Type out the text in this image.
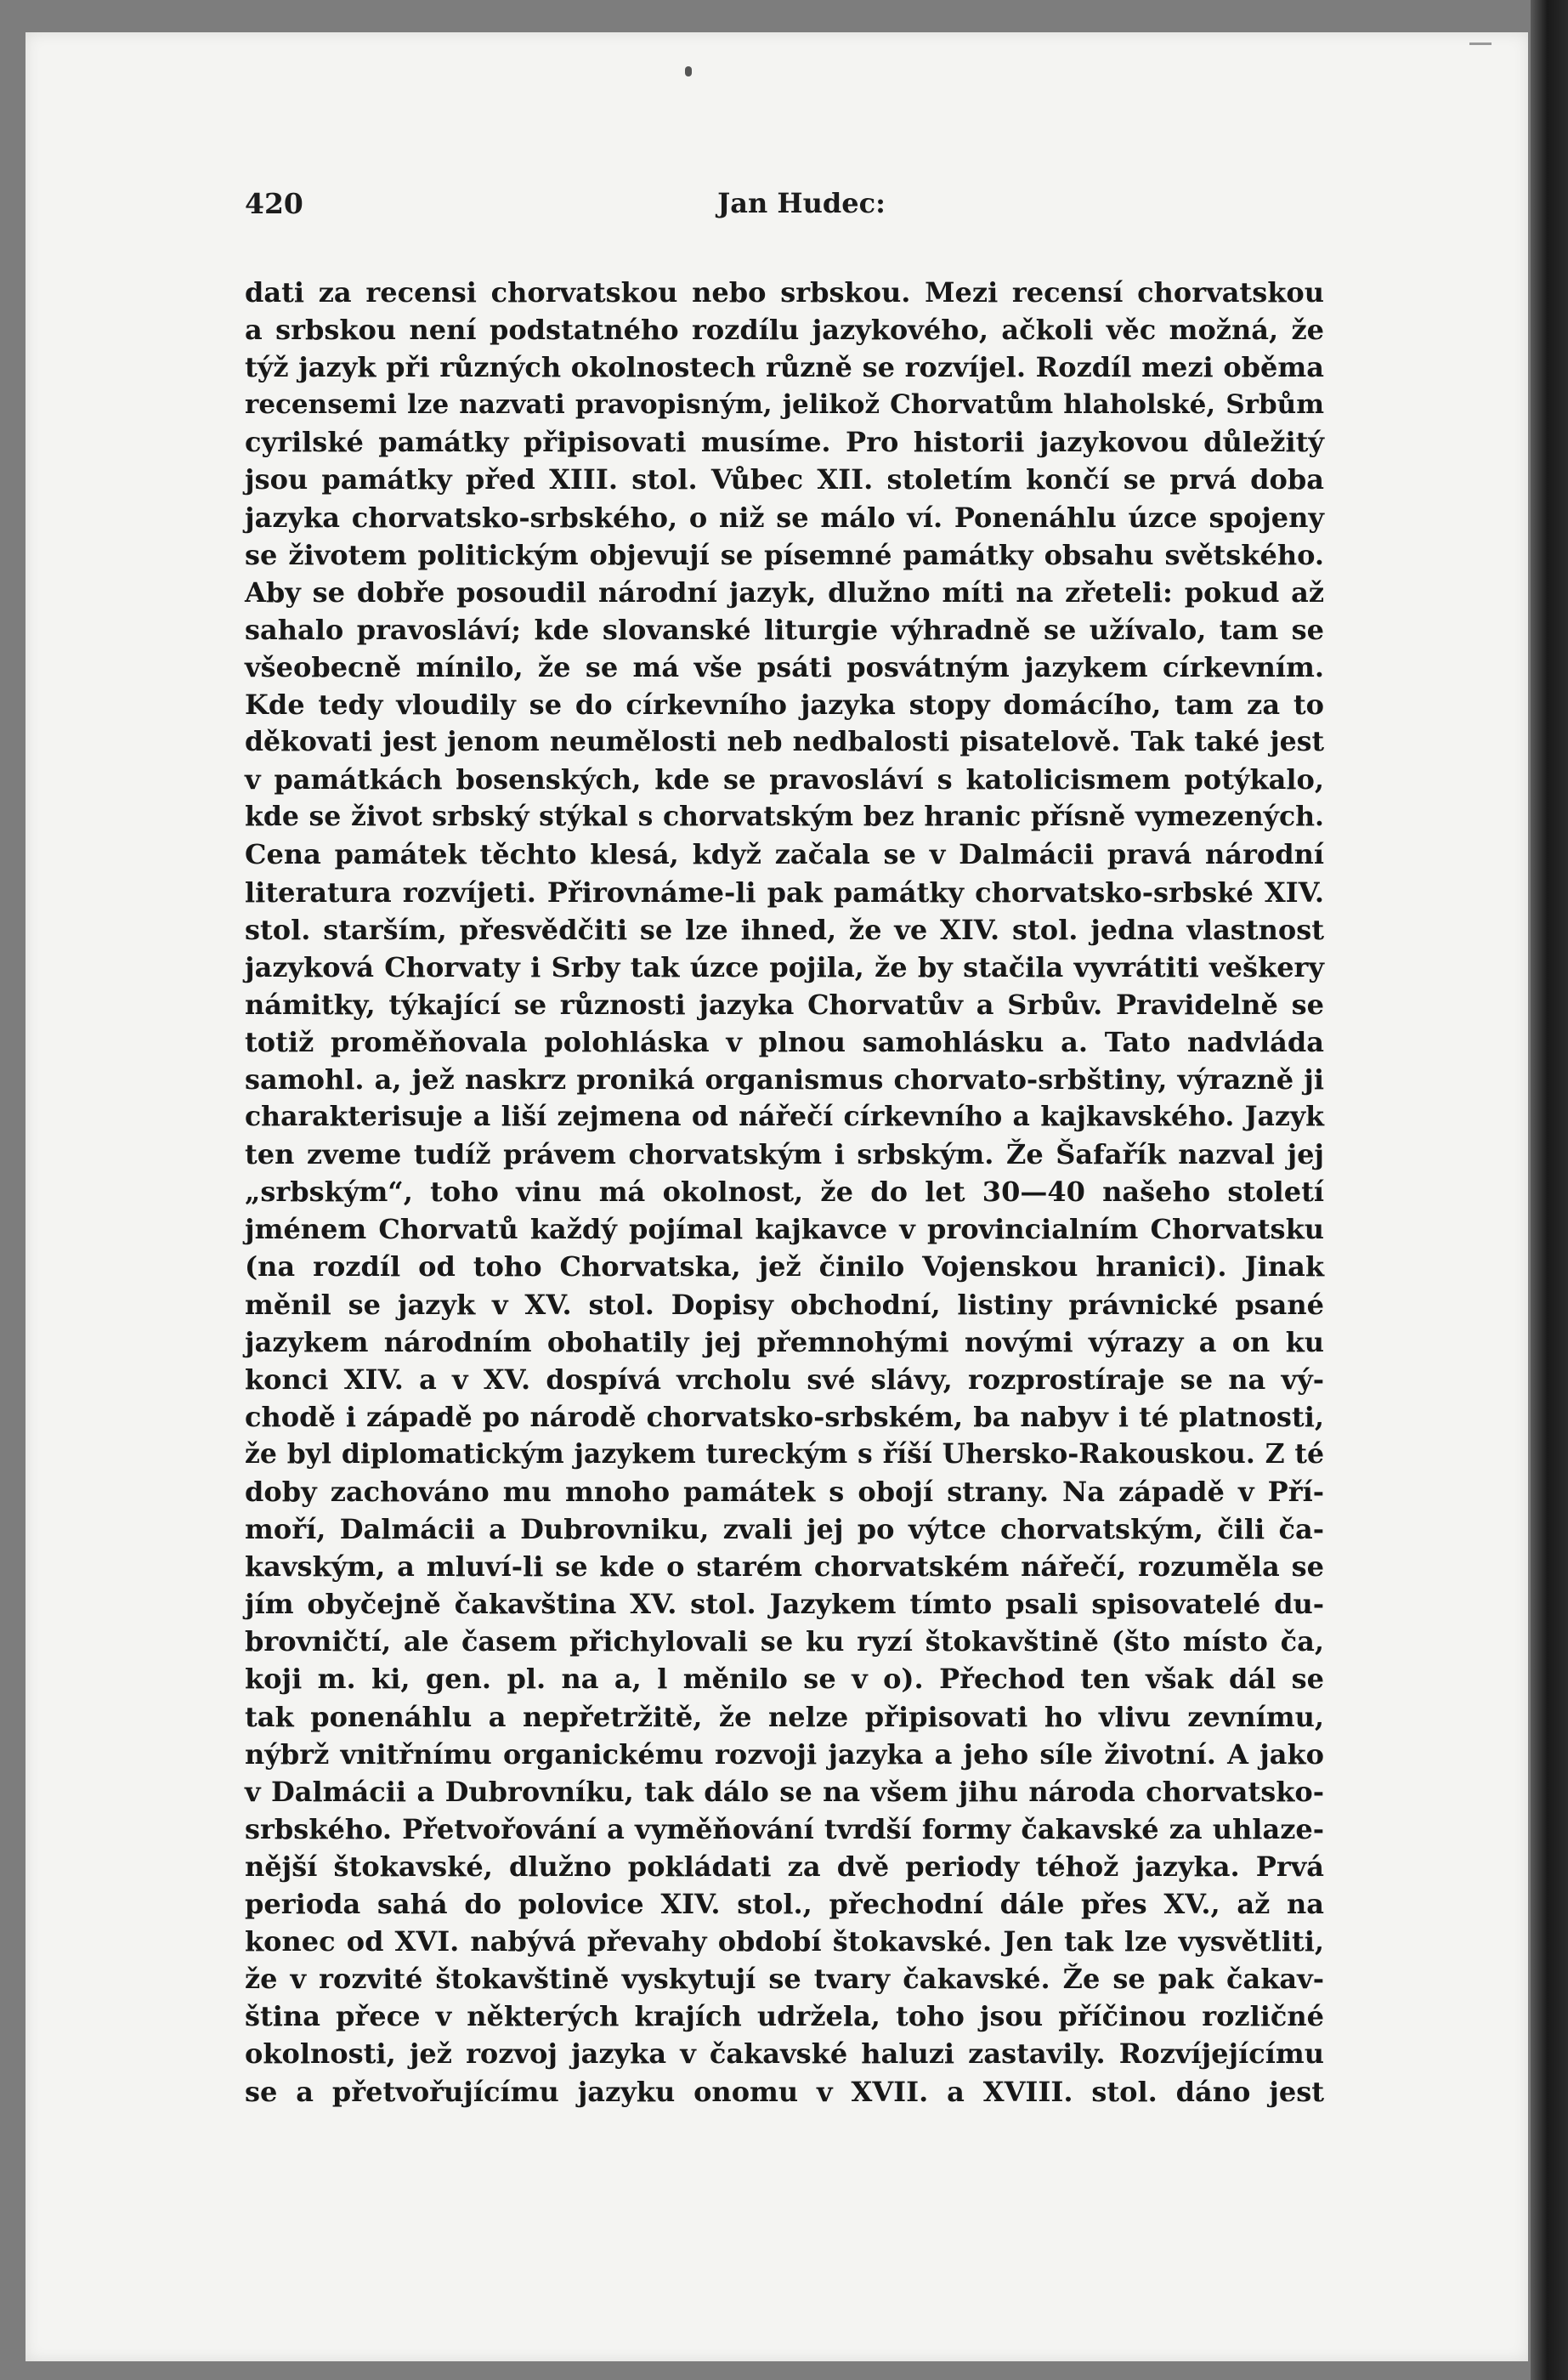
420	Jan Hudec:
dati za recensi chorvatskou nebo srbskou. Mezi recensí chorvatskou
a srbskou není podstatného rozdílu jazykového, ačkoli věc možná, že
týž jazyk při různých okolnostech různě se rozvíjel. Rozdíl mezi oběma
recensemi lze nazvati pravopisným, jelikož Chorvatům hlaholské, Srbům
cyrilské památky připisovati musíme. Pro historii jazykovou důležitý
jsou památky před XIII. stol. Vůbec XII. stoletím končí se prvá doba
jazyka chorvatsko-srbského, o niž se málo ví. Ponenáhlu úzce spojeny
se životem politickým objevují se písemné památky obsahu světského.
Aby se dobře posoudil národní jazyk, dlužno míti na zřeteli: pokud až
sahalo pravosláví; kde slovanské liturgie výhradně se užívalo, tam se
všeobecně mínilo, že se má vše psáti posvátným jazykem církevním.
Kde tedy vloudily se do církevního jazyka stopy domácího, tam za to
děkovati jest jenom neumělosti neb nedbalosti pisatelově. Tak také jest
v památkách bosenských, kde se pravosláví s katolicismem potýkalo,
kde se život srbský stýkal s chorvatským bez hranic přísně vymezených.
Cena památek těchto klesá, když začala se v Dalmácii pravá národní
literatura rozvíjeti. Přirovnáme-li pak památky chorvatsko-srbské XIV.
stol. starším, přesvědčiti se lze ihned, že ve XIV. stol. jedna vlastnost
jazyková Chorvaty i Srby tak úzce pojila, že by stačila vyvrátiti veškery
námitky, týkající se různosti jazyka Chorvatův a Srbův. Pravidelně se
totiž proměňovala polohláska v plnou samohlásku a. Tato nadvláda
samohl. a, jež naskrz proniká organismus chorvato-srbštiny, výrazně ji
charakterisuje a liší zejmena od nářečí církevního a kajkavského. Jazyk
ten zveme tudíž právem chorvatským i srbským. Že Šafařík nazval jej
„srbským“, toho vinu má okolnost, že do let 30—40 našeho století
jménem Chorvatů každý pojímal kajkavce v provincialním Chorvatsku
(na rozdíl od toho Chorvatska, jež činilo Vojenskou hranici). Jinak
měnil se jazyk v XV. stol. Dopisy obchodní, listiny právnické psané
jazykem národním obohatily jej přemnohými novými výrazy a on ku
konci XIV. a v XV. dospívá vrcholu své slávy, rozprostíraje se na vý-
chodě i západě po národě chorvatsko-srbském, ba nabyv i té platnosti,
že byl diplomatickým jazykem tureckým s říší Uhersko-Rakouskou. Z té
doby zachováno mu mnoho památek s obojí strany. Na západě v Pří-
moří, Dalmácii a Dubrovniku, zvali jej po výtce chorvatským, čili ča-
kavským, a mluví-li se kde o starém chorvatském nářečí, rozuměla se
jím obyčejně čakavština XV. stol. Jazykem tímto psali spisovatelé du-
brovničtí, ale časem přichylovali se ku ryzí štokavštině (što místo ča,
koji m. ki, gen. pl. na a, l měnilo se v o). Přechod ten však dál se
tak ponenáhlu a nepřetržitě, že nelze připisovati ho vlivu zevnímu,
nýbrž vnitřnímu organickému rozvoji jazyka a jeho síle životní. A jako
v Dalmácii a Dubrovníku, tak dálo se na všem jihu národa chorvatsko-
srbského. Přetvořování a vyměňování tvrdší formy čakavské za uhlaze-
nější štokavské, dlužno pokládati za dvě periody téhož jazyka. Prvá
perioda sahá do polovice XIV. stol., přechodní dále přes XV., až na
konec od XVI. nabývá převahy období štokavské. Jen tak lze vysvětliti,
že v rozvité štokavštině vyskytují se tvary čakavské. Že se pak čakav-
ština přece v některých krajích udržela, toho jsou příčinou rozličné
okolnosti, jež rozvoj jazyka v čakavské haluzi zastavily. Rozvíjejícímu
se a přetvořujícímu jazyku onomu v XVII. a XVIII. stol. dáno jest
